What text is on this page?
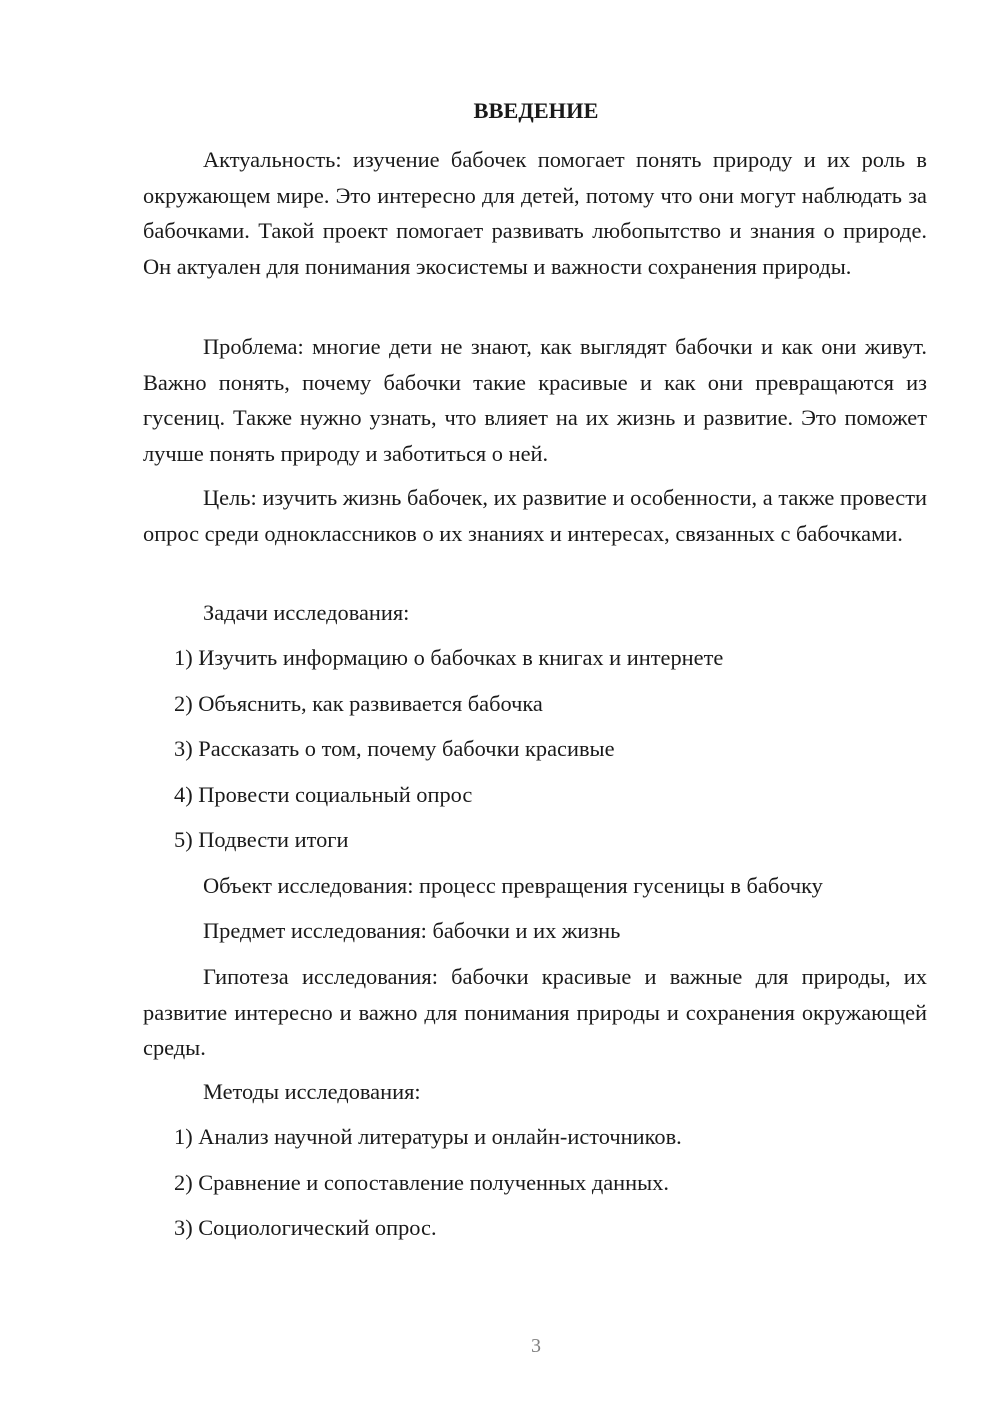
ВВЕДЕНИЕ

Актуальность: изучение бабочек помогает понять природу и их роль в окружающем мире. Это интересно для детей, потому что они могут наблюдать за бабочками. Такой проект помогает развивать любопытство и знания о природе. Он актуален для понимания экосистемы и важности сохранения природы.

Проблема: многие дети не знают, как выглядят бабочки и как они живут. Важно понять, почему бабочки такие красивые и как они превращаются из гусениц. Также нужно узнать, что влияет на их жизнь и развитие. Это поможет лучше понять природу и заботиться о ней.

Цель: изучить жизнь бабочек, их развитие и особенности, а также провести опрос среди одноклассников о их знаниях и интересах, связанных с бабочками.

Задачи исследования:

1) Изучить информацию о бабочках в книгах и интернете

2) Объяснить, как развивается бабочка

3) Рассказать о том, почему бабочки красивые

4) Провести социальный опрос

5) Подвести итоги

Объект исследования: процесс превращения гусеницы в бабочку

Предмет исследования: бабочки и их жизнь

Гипотеза исследования: бабочки красивые и важные для природы, их развитие интересно и важно для понимания природы и сохранения окружающей среды.

Методы исследования:

1) Анализ научной литературы и онлайн-источников.

2) Сравнение и сопоставление полученных данных.

3) Социологический опрос.

3
